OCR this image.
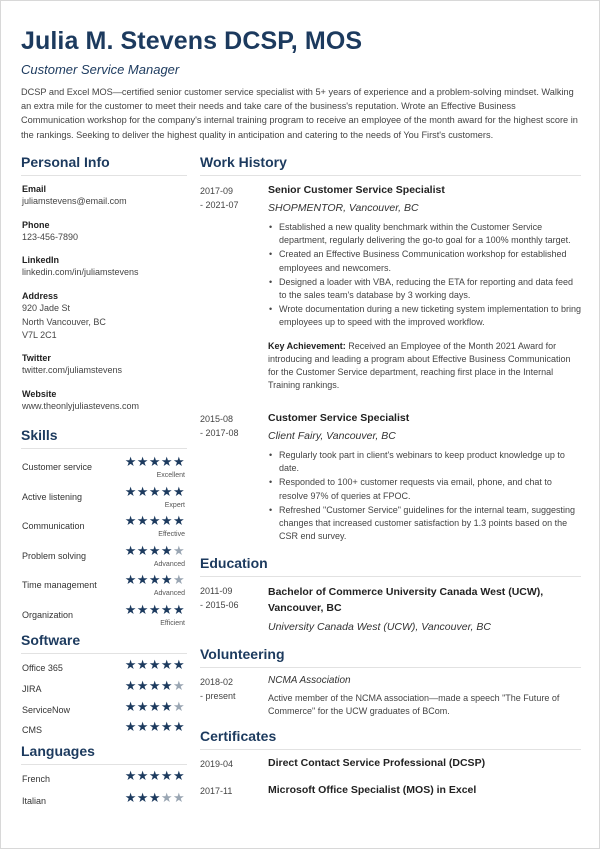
Julia M. Stevens DCSP, MOS
Customer Service Manager
DCSP and Excel MOS—certified senior customer service specialist with 5+ years of experience and a problem-solving mindset. Walking an extra mile for the customer to meet their needs and take care of the business's reputation. Wrote an Effective Business Communication workshop for the company's internal training program to receive an employee of the month award for the highest score in the rankings. Seeking to deliver the highest quality in anticipation and catering to the needs of You First's customers.
Personal Info
Email
juliamstevens@email.com
Phone
123-456-7890
LinkedIn
linkedin.com/in/juliamstevens
Address
920 Jade St
North Vancouver, BC
V7L 2C1
Twitter
twitter.com/juliamstevens
Website
www.theonlyjuliastevens.com
Skills
Customer service	★★★★★
Excellent
Active listening	★★★★★
Expert
Communication	★★★★★
Effective
Problem solving	★★★★★
Advanced
Time management ★★★★★
Advanced
Organization	★★★★★
Efficient
Software
Office 365	★★★★★
JIRA	★★★★★
ServiceNow	★★★★★
CMS	★★★★★
Languages
French	★★★★★
Italian	★★★★★
Work History
2017-09
- 2021-07
Senior Customer Service Specialist
SHOPMENTOR, Vancouver, BC
• Established a new quality benchmark within the Customer Service department, regularly delivering the go-to goal for a 100% monthly target.
• Created an Effective Business Communication workshop for established employees and newcomers.
• Designed a loader with VBA, reducing the ETA for reporting and data feed to the sales team's database by 3 working days.
• Wrote documentation during a new ticketing system implementation to bring employees up to speed with the improved workflow.
Key Achievement: Received an Employee of the Month 2021 Award for introducing and leading a program about Effective Business Communication for the Customer Service department, reaching first place in the Internal Training rankings.
2015-08
- 2017-08
Customer Service Specialist
Client Fairy, Vancouver, BC
• Regularly took part in client's webinars to keep product knowledge up to date.
• Responded to 100+ customer requests via email, phone, and chat to resolve 97% of queries at FPOC.
• Refreshed "Customer Service" guidelines for the internal team, suggesting changes that increased customer satisfaction by 1.3 points based on the CSR end survey.
Education
2011-09
- 2015-06
Bachelor of Commerce University Canada West (UCW), Vancouver, BC
University Canada West (UCW), Vancouver, BC
Volunteering
2018-02
- present
NCMA Association
Active member of the NCMA association—made a speech "The Future of Commerce" for the UCW graduates of BCom.
Certificates
2019-04	Direct Contact Service Professional (DCSP)
2017-11	Microsoft Office Specialist (MOS) in Excel
